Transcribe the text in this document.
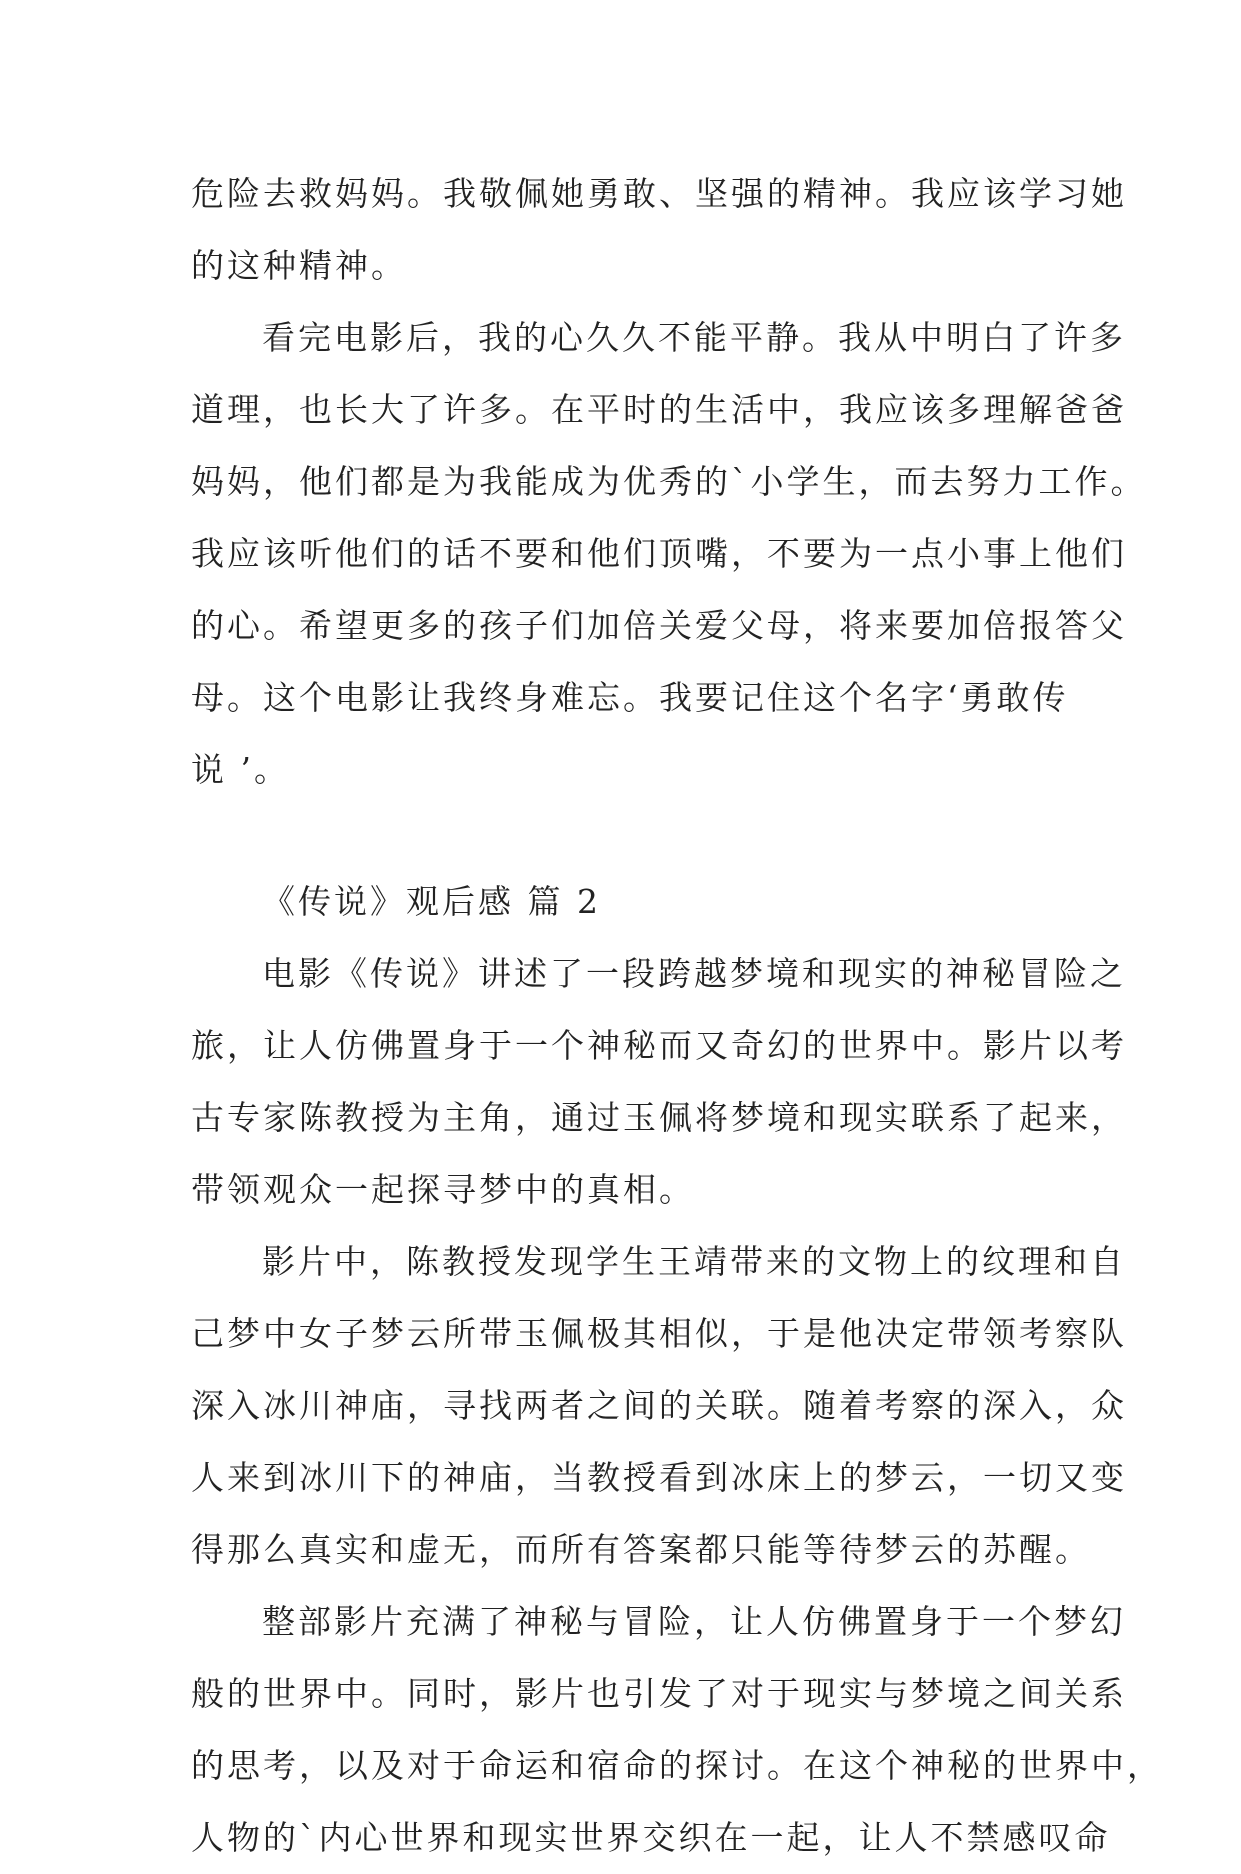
危险去救妈妈。我敬佩她勇敢、坚强的精神。我应该学习她
的这种精神。
看完电影后，我的心久久不能平静。我从中明白了许多
道理，也长大了许多。在平时的生活中，我应该多理解爸爸
妈妈，他们都是为我能成为优秀的`小学生，而去努力工作。
我应该听他们的话不要和他们顶嘴，不要为一点小事上他们
的心。希望更多的孩子们加倍关爱父母，将来要加倍报答父
母。这个电影让我终身难忘。我要记住这个名字‘勇敢传
说 ’。
《传说》观后感 篇 2
电影《传说》讲述了一段跨越梦境和现实的神秘冒险之
旅，让人仿佛置身于一个神秘而又奇幻的世界中。影片以考
古专家陈教授为主角，通过玉佩将梦境和现实联系了起来，
带领观众一起探寻梦中的真相。
影片中，陈教授发现学生王靖带来的文物上的纹理和自
己梦中女子梦云所带玉佩极其相似，于是他决定带领考察队
深入冰川神庙，寻找两者之间的关联。随着考察的深入，众
人来到冰川下的神庙，当教授看到冰床上的梦云，一切又变
得那么真实和虚无，而所有答案都只能等待梦云的苏醒。
整部影片充满了神秘与冒险，让人仿佛置身于一个梦幻
般的世界中。同时，影片也引发了对于现实与梦境之间关系
的思考，以及对于命运和宿命的探讨。在这个神秘的世界中，
人物的`内心世界和现实世界交织在一起，让人不禁感叹命
